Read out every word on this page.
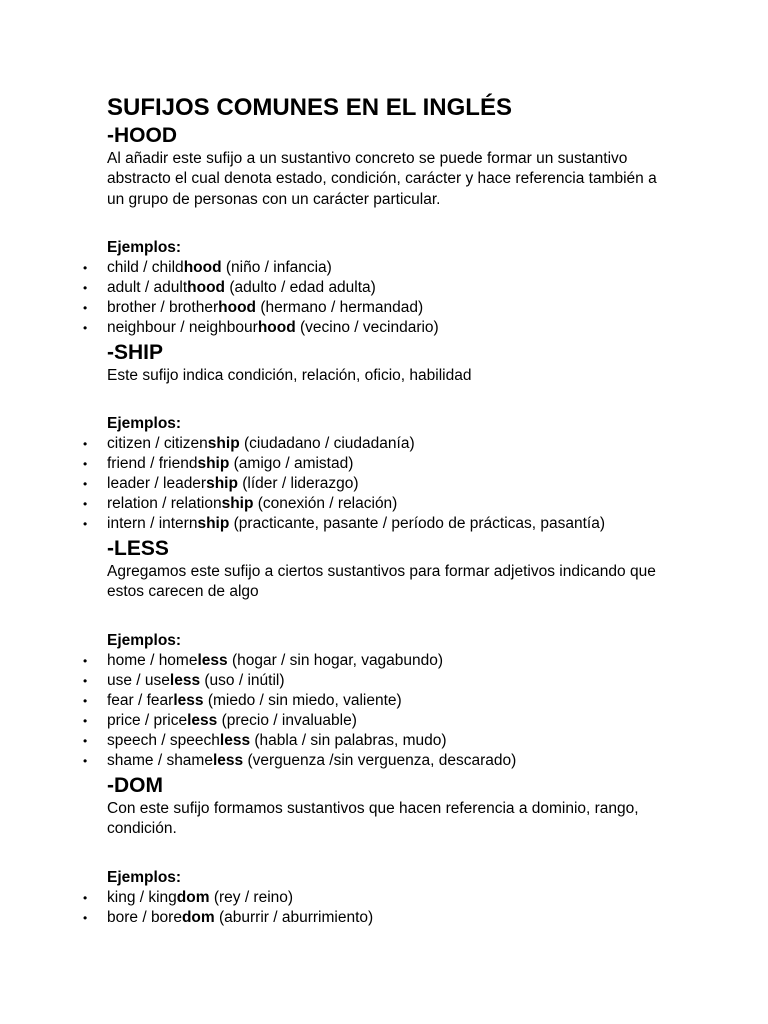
SUFIJOS COMUNES EN EL INGLÉS
-HOOD
Al añadir este sufijo a un sustantivo concreto se puede formar un sustantivo abstracto el cual denota estado, condición, carácter y hace referencia también a un grupo de personas con un carácter particular.
Ejemplos:
• child / childhood (niño / infancia)
• adult / adulthood (adulto / edad adulta)
• brother / brotherhood (hermano / hermandad)
• neighbour / neighbourhood (vecino / vecindario)
-SHIP
Este sufijo indica condición, relación, oficio, habilidad
Ejemplos:
• citizen / citizenship (ciudadano / ciudadanía)
• friend / friendship (amigo / amistad)
• leader / leadership (líder / liderazgo)
• relation / relationship (conexión / relación)
• intern / internship (practicante, pasante / período de prácticas, pasantía)
-LESS
Agregamos este sufijo a ciertos sustantivos para formar adjetivos indicando que estos carecen de algo
Ejemplos:
• home / homeless (hogar / sin hogar, vagabundo)
• use / useless (uso / inútil)
• fear / fearless (miedo / sin miedo, valiente)
• price / priceless (precio / invaluable)
• speech / speechless (habla / sin palabras, mudo)
• shame / shameless (verguenza /sin verguenza, descarado)
-DOM
Con este sufijo formamos sustantivos que hacen referencia a dominio, rango, condición.
Ejemplos:
• king / kingdom (rey / reino)
• bore / boredom (aburrir / aburrimiento)
